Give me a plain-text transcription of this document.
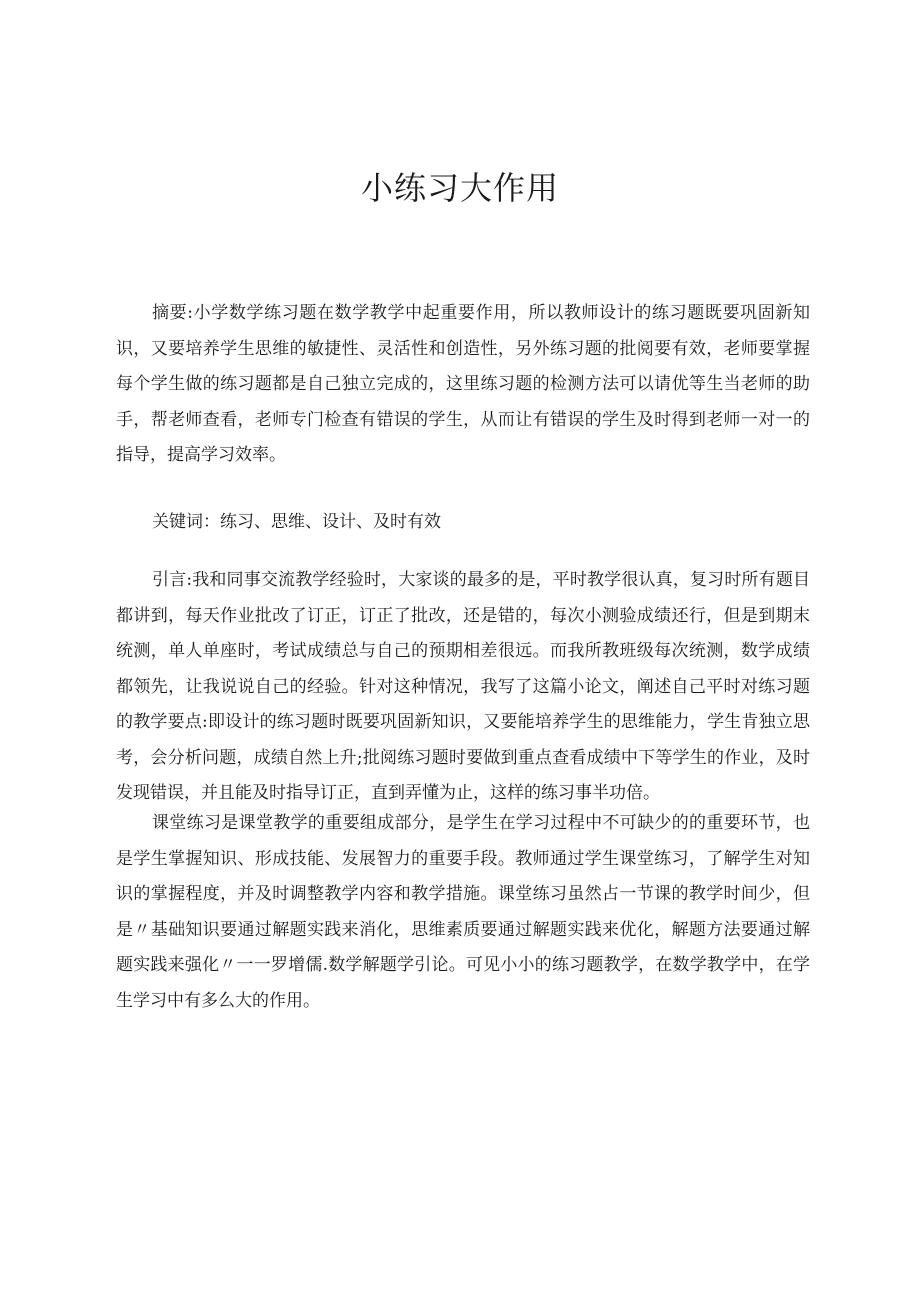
小练习大作用

摘要:小学数学练习题在数学教学中起重要作用，所以教师设计的练习题既要巩固新知识，又要培养学生思维的敏捷性、灵活性和创造性，另外练习题的批阅要有效，老师要掌握每个学生做的练习题都是自己独立完成的，这里练习题的检测方法可以请优等生当老师的助手，帮老师查看，老师专门检查有错误的学生，从而让有错误的学生及时得到老师一对一的指导，提高学习效率。

关键词：练习、思维、设计、及时有效

引言:我和同事交流教学经验时，大家谈的最多的是，平时教学很认真，复习时所有题目都讲到，每天作业批改了订正，订正了批改，还是错的，每次小测验成绩还行，但是到期末统测，单人单座时，考试成绩总与自己的预期相差很远。而我所教班级每次统测，数学成绩都领先，让我说说自己的经验。针对这种情况，我写了这篇小论文，阐述自己平时对练习题的教学要点:即设计的练习题时既要巩固新知识，又要能培养学生的思维能力，学生肯独立思考，会分析问题，成绩自然上升;批阅练习题时要做到重点查看成绩中下等学生的作业，及时发现错误，并且能及时指导订正，直到弄懂为止，这样的练习事半功倍。

课堂练习是课堂教学的重要组成部分，是学生在学习过程中不可缺少的的重要环节，也是学生掌握知识、形成技能、发展智力的重要手段。教师通过学生课堂练习，了解学生对知识的掌握程度，并及时调整教学内容和教学措施。课堂练习虽然占一节课的教学时间少，但是〃基础知识要通过解题实践来消化，思维素质要通过解题实践来优化，解题方法要通过解题实践来强化〃一一罗增儒.数学解题学引论。可见小小的练习题教学，在数学教学中，在学生学习中有多么大的作用。
